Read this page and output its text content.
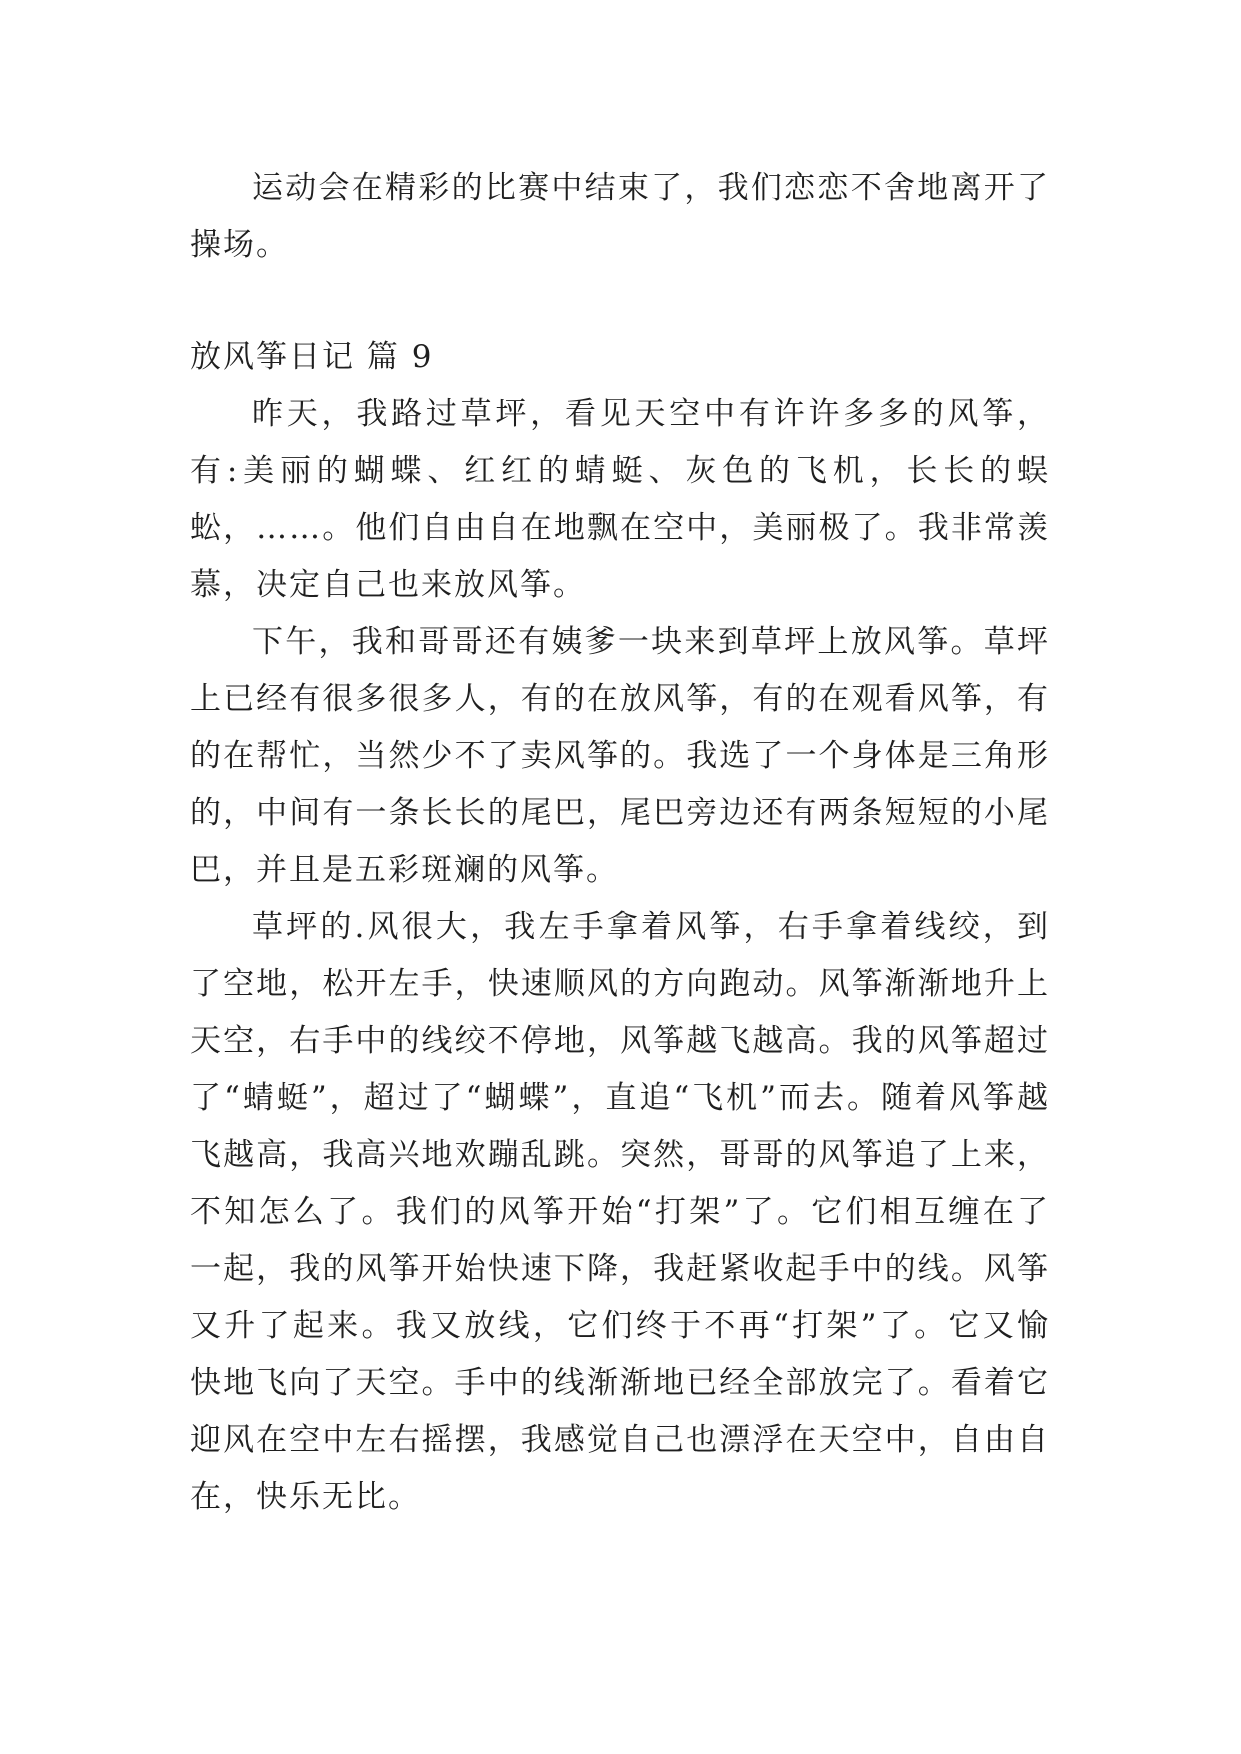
运动会在精彩的比赛中结束了，我们恋恋不舍地离开了操场。

放风筝日记 篇 9

昨天，我路过草坪，看见天空中有许许多多的风筝，有:美丽的蝴蝶、红红的蜻蜓、灰色的飞机，长长的蜈蚣，……。他们自由自在地飘在空中，美丽极了。我非常羡慕，决定自己也来放风筝。

下午，我和哥哥还有姨爹一块来到草坪上放风筝。草坪上已经有很多很多人，有的在放风筝，有的在观看风筝，有的在帮忙，当然少不了卖风筝的。我选了一个身体是三角形的，中间有一条长长的尾巴，尾巴旁边还有两条短短的小尾巴，并且是五彩斑斓的风筝。

草坪的.风很大，我左手拿着风筝，右手拿着线绞，到了空地，松开左手，快速顺风的方向跑动。风筝渐渐地升上天空，右手中的线绞不停地，风筝越飞越高。我的风筝超过了“蜻蜓”，超过了“蝴蝶”，直追“飞机”而去。随着风筝越飞越高，我高兴地欢蹦乱跳。突然，哥哥的风筝追了上来，不知怎么了。我们的风筝开始“打架”了。它们相互缠在了一起，我的风筝开始快速下降，我赶紧收起手中的线。风筝又升了起来。我又放线，它们终于不再“打架”了。它又愉快地飞向了天空。手中的线渐渐地已经全部放完了。看着它迎风在空中左右摇摆，我感觉自己也漂浮在天空中，自由自在，快乐无比。
